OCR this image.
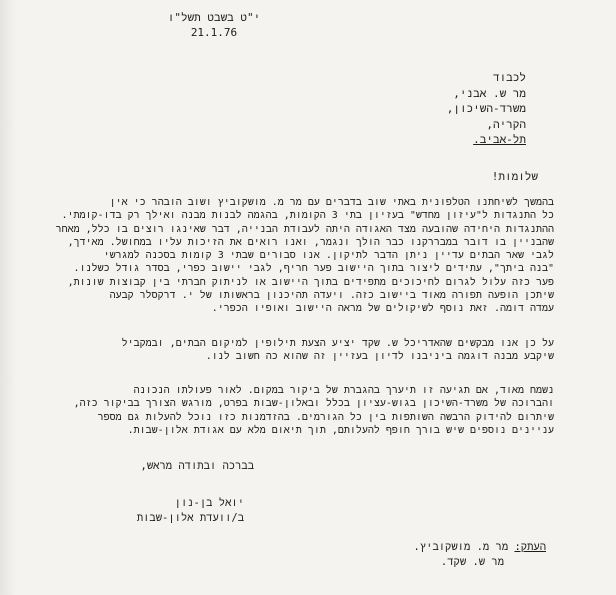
י"ט בשבט תשל"ו
21.1.76
לכבוד
מר ש. אבני,
משרד-השיכון,
הקריה,
תל-אביב.
שלומות!
בהמשך לשיחתנו הטלפונית באתי שוב בדברים עם מר מ. מושקוביץ ושוב הובהר כי אין
כל התנגדות ל"עיזון מחדש" בעזיון בתי 3 הקומות, בהגמה לבנות מבנה ואילך רק בדו-קומתי.
ההתנגדות היחידה שהובעה מצד האגודה היתה לעבודת הבנייה, דבר שאינגו רוצים בו כלל, מאחר
שהבניין בו דובר במבררקנו כבר הולך ונגמר, ואנו רואים את הזיכות עליו במחושל. מאידך,
לגבי שאר הבתים עדיין ניתן הדבר לתיקון. אנו סבורים שבתי 3 קומות בסכנה למגרשי
"בנה ביתך", עתידים ליצור בתוך היישוב פער חריף, לגבי יישוב כפרי, בסדר גודל כשלנו.
פער כזה עלול לגרום לחיכוכים מתפידים בתוך היישוב או לניתוק חברתי בין קבוצות שונות,
שיתכן הופעה תפורה מאוד ביישוב כזה. ויעדה תהיכנון בראשותו של י. דרקסלר קבעה
עמדה דומה. זאת נוסף לשיקולים של מראה היישוב ואופיו הכפרי.
על כן אנו מבקשים שהאדריכל ש. שקד יציע הצעת תילופין למיקום הבתים, ובמקביל
שיקבע מבנה דוגמה ביניבנו לדיון בעזיין זה שהוא כה חשוב לנו.
נשמח מאוד, אם תגיעה זו תיערך בהגברת של ביקור במקום. לאור פעולתו הנכונה
והברוכה של משרד-השיכון בגוש-עציון בכלל ובאלון-שבות בפרט, מורגש הצורך בביקור כזה,
שיתרום להידוק הרבשה השותפות בין כל הגורמים. בהזדמנות כזו נוכל להעלות גם מספר
עניינים נוספים שיש בורך חופף להעלותם, תוך תיאום מלא עם אגודת אלון-שבות.
בברכה ובתודה מראש,
יואל בן-נון
ב/וועדת אלון-שבות
העתק: מר מ. מושקוביץ.
מר ש. שקד.
